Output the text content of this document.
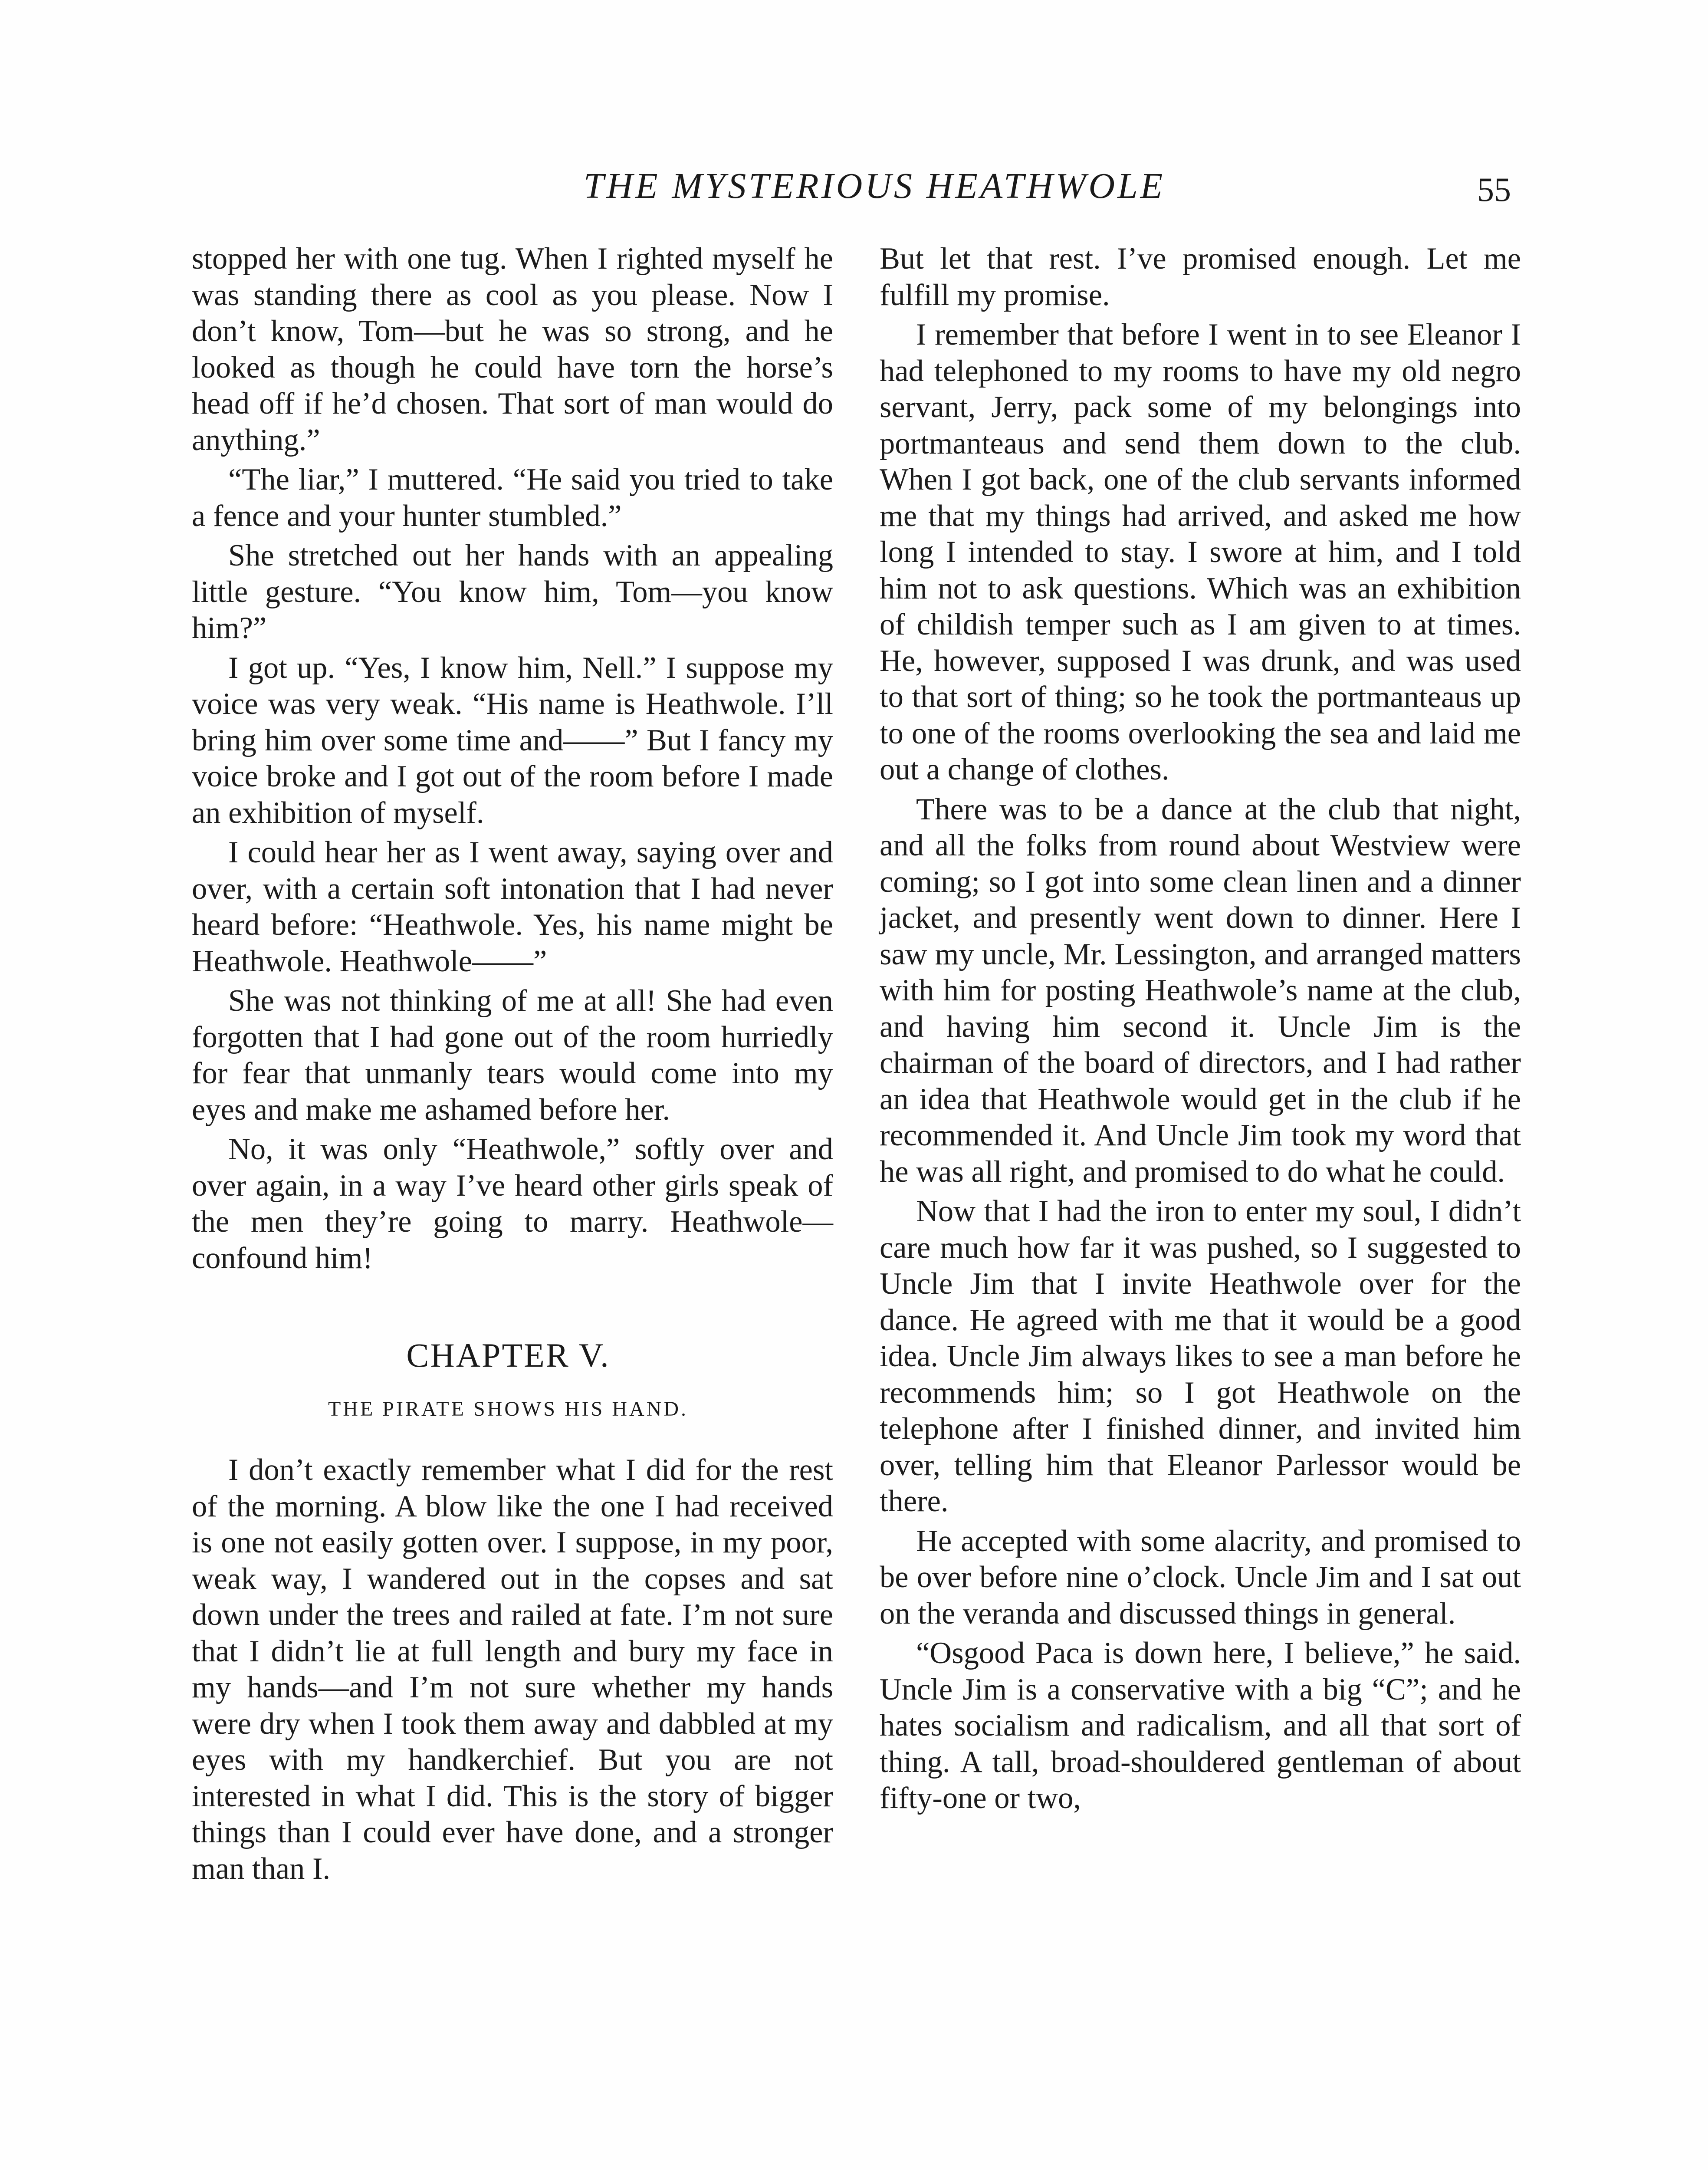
THE MYSTERIOUS HEATHWOLE	55

stopped her with one tug. When I righted myself he was standing there as cool as you please. Now I don’t know, Tom—but he was so strong, and he looked as though he could have torn the horse’s head off if he’d chosen. That sort of man would do anything.”

“The liar,” I muttered. “He said you tried to take a fence and your hunter stumbled.”

She stretched out her hands with an appealing little gesture. “You know him, Tom—you know him?”

I got up. “Yes, I know him, Nell.” I suppose my voice was very weak. “His name is Heathwole. I’ll bring him over some time and——” But I fancy my voice broke and I got out of the room before I made an exhibition of myself.

I could hear her as I went away, saying over and over, with a certain soft intonation that I had never heard before: “Heathwole. Yes, his name might be Heathwole. Heathwole——”

She was not thinking of me at all! She had even forgotten that I had gone out of the room hurriedly for fear that unmanly tears would come into my eyes and make me ashamed before her.

No, it was only “Heathwole,” softly over and over again, in a way I’ve heard other girls speak of the men they’re going to marry. Heathwole—confound him!

CHAPTER V.
THE PIRATE SHOWS HIS HAND.

I don’t exactly remember what I did for the rest of the morning. A blow like the one I had received is one not easily gotten over. I suppose, in my poor, weak way, I wandered out in the copses and sat down under the trees and railed at fate. I’m not sure that I didn’t lie at full length and bury my face in my hands—and I’m not sure whether my hands were dry when I took them away and dabbled at my eyes with my handkerchief. But you are not interested in what I did. This is the story of bigger things than I could ever have done, and a stronger man than I.

But let that rest. I’ve promised enough. Let me fulfill my promise.

I remember that before I went in to see Eleanor I had telephoned to my rooms to have my old negro servant, Jerry, pack some of my belongings into portmanteaus and send them down to the club. When I got back, one of the club servants informed me that my things had arrived, and asked me how long I intended to stay. I swore at him, and I told him not to ask questions. Which was an exhibition of childish temper such as I am given to at times. He, however, supposed I was drunk, and was used to that sort of thing; so he took the portmanteaus up to one of the rooms overlooking the sea and laid me out a change of clothes.

There was to be a dance at the club that night, and all the folks from round about Westview were coming; so I got into some clean linen and a dinner jacket, and presently went down to dinner. Here I saw my uncle, Mr. Lessington, and arranged matters with him for posting Heathwole’s name at the club, and having him second it. Uncle Jim is the chairman of the board of directors, and I had rather an idea that Heathwole would get in the club if he recommended it. And Uncle Jim took my word that he was all right, and promised to do what he could.

Now that I had the iron to enter my soul, I didn’t care much how far it was pushed, so I suggested to Uncle Jim that I invite Heathwole over for the dance. He agreed with me that it would be a good idea. Uncle Jim always likes to see a man before he recommends him; so I got Heathwole on the telephone after I finished dinner, and invited him over, telling him that Eleanor Parlessor would be there.

He accepted with some alacrity, and promised to be over before nine o’clock. Uncle Jim and I sat out on the veranda and discussed things in general.

“Osgood Paca is down here, I believe,” he said. Uncle Jim is a conservative with a big “C”; and he hates socialism and radicalism, and all that sort of thing. A tall, broad-shouldered gentleman of about fifty-one or two,
